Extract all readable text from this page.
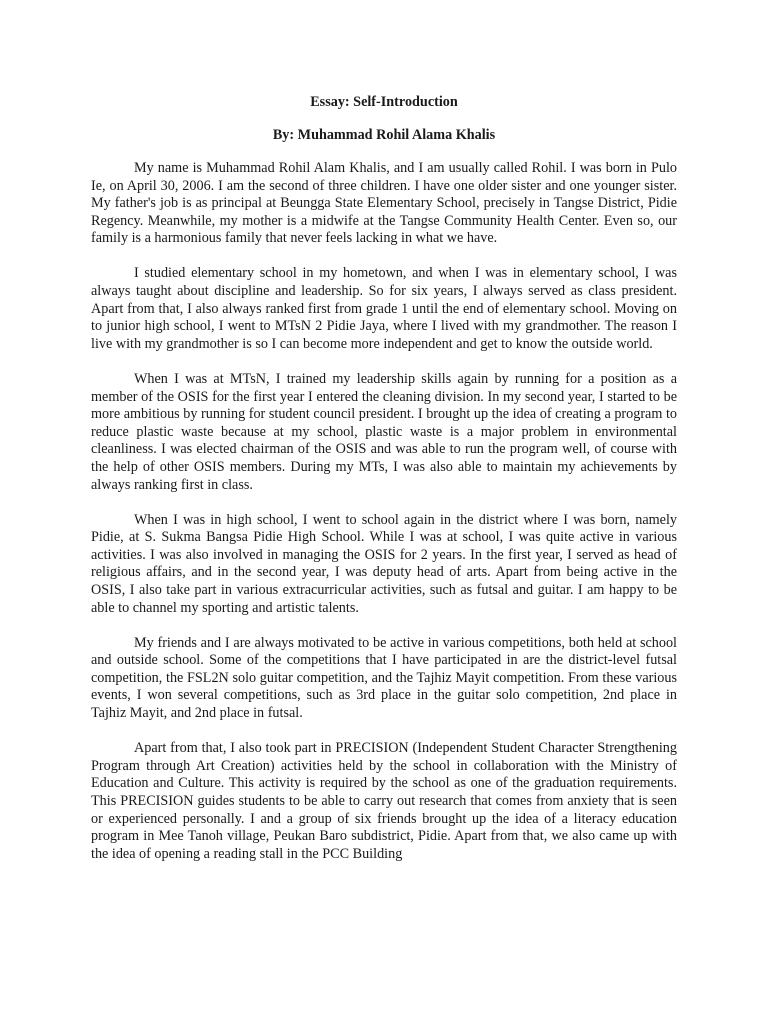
Essay: Self-Introduction

By: Muhammad Rohil Alama Khalis

My name is Muhammad Rohil Alam Khalis, and I am usually called Rohil. I was born in Pulo Ie, on April 30, 2006. I am the second of three children. I have one older sister and one younger sister. My father's job is as principal at Beungga State Elementary School, precisely in Tangse District, Pidie Regency. Meanwhile, my mother is a midwife at the Tangse Community Health Center. Even so, our family is a harmonious family that never feels lacking in what we have.

I studied elementary school in my hometown, and when I was in elementary school, I was always taught about discipline and leadership. So for six years, I always served as class president. Apart from that, I also always ranked first from grade 1 until the end of elementary school. Moving on to junior high school, I went to MTsN 2 Pidie Jaya, where I lived with my grandmother. The reason I live with my grandmother is so I can become more independent and get to know the outside world.

When I was at MTsN, I trained my leadership skills again by running for a position as a member of the OSIS for the first year I entered the cleaning division. In my second year, I started to be more ambitious by running for student council president. I brought up the idea of creating a program to reduce plastic waste because at my school, plastic waste is a major problem in environmental cleanliness. I was elected chairman of the OSIS and was able to run the program well, of course with the help of other OSIS members. During my MTs, I was also able to maintain my achievements by always ranking first in class.

When I was in high school, I went to school again in the district where I was born, namely Pidie, at S. Sukma Bangsa Pidie High School. While I was at school, I was quite active in various activities. I was also involved in managing the OSIS for 2 years. In the first year, I served as head of religious affairs, and in the second year, I was deputy head of arts. Apart from being active in the OSIS, I also take part in various extracurricular activities, such as futsal and guitar. I am happy to be able to channel my sporting and artistic talents.

My friends and I are always motivated to be active in various competitions, both held at school and outside school. Some of the competitions that I have participated in are the district-level futsal competition, the FSL2N solo guitar competition, and the Tajhiz Mayit competition. From these various events, I won several competitions, such as 3rd place in the guitar solo competition, 2nd place in Tajhiz Mayit, and 2nd place in futsal.

Apart from that, I also took part in PRECISION (Independent Student Character Strengthening Program through Art Creation) activities held by the school in collaboration with the Ministry of Education and Culture. This activity is required by the school as one of the graduation requirements. This PRECISION guides students to be able to carry out research that comes from anxiety that is seen or experienced personally. I and a group of six friends brought up the idea of a literacy education program in Mee Tanoh village, Peukan Baro subdistrict, Pidie. Apart from that, we also came up with the idea of opening a reading stall in the PCC Building
